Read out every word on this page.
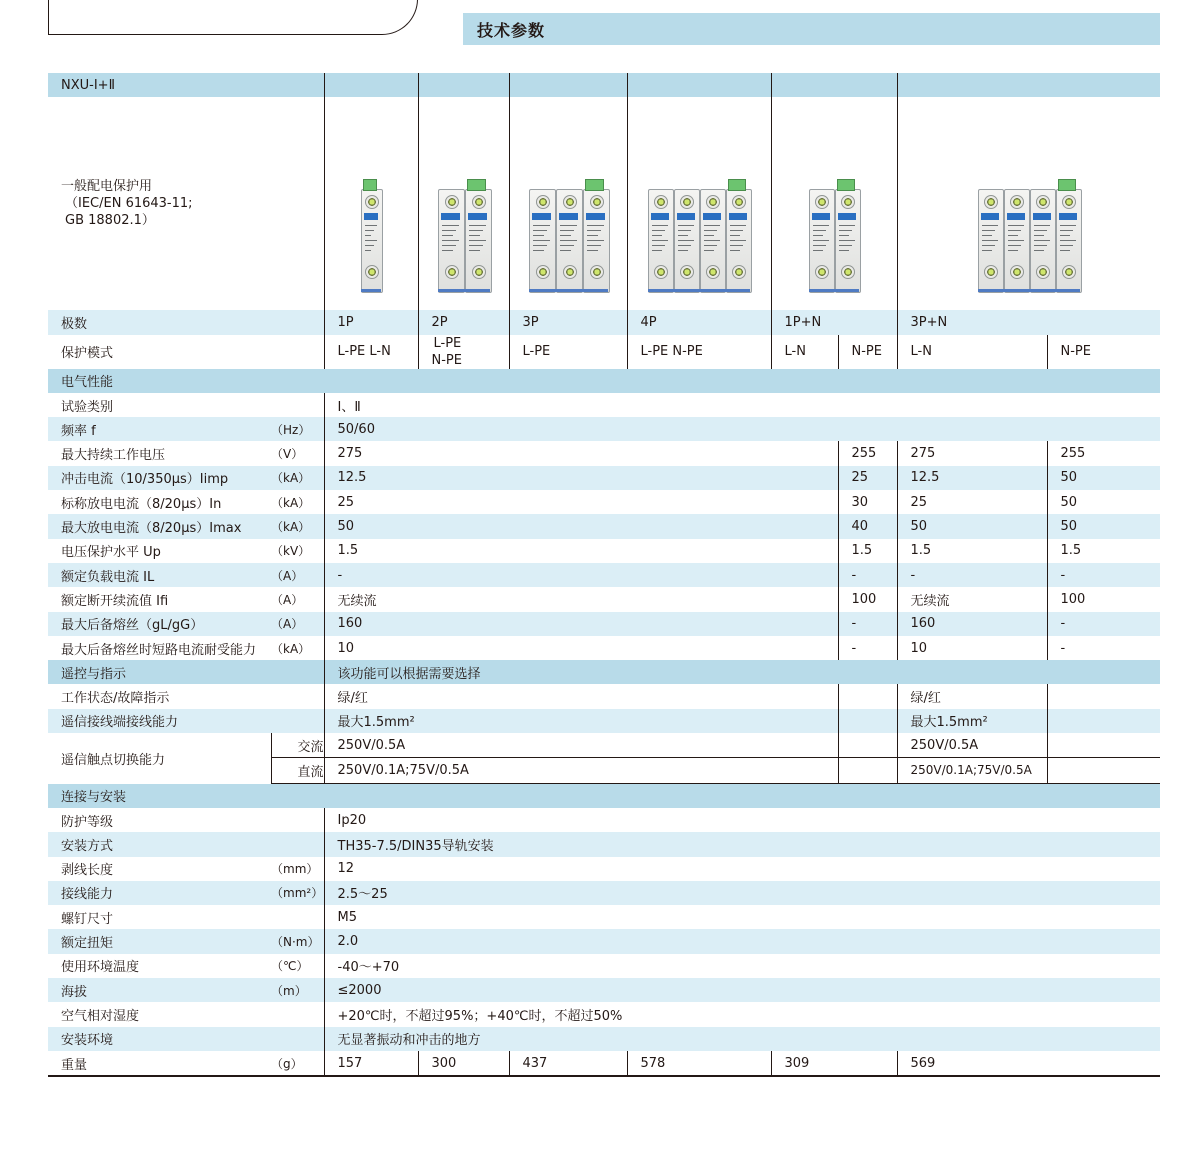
技术参数
NXU-Ⅰ+Ⅱ									

一般配电保护用
（IEC/EN 61643-11;
GB 18802.1）									

极数		1P	2P	3P	4P	1P+N		3P+N	
保护模式		L-PE L-N	L-PE
N-PE	L-PE	L-PE N-PE	L-N	N-PE	L-N	N-PE
电气性能									
试验类别		Ⅰ、Ⅱ							
频率 f	（Hz）	50/60							
最大持续工作电压	（V）	275					255	275	255
冲击电流（10/350μs）Iimp	（kA）	12.5					25	12.5	50
标称放电电流（8/20μs）In	（kA）	25					30	25	50
最大放电电流（8/20μs）Imax	（kA）	50					40	50	50
电压保护水平 Up	（kV）	1.5					1.5	1.5	1.5
额定负载电流 IL	（A）	-					-	-	-
额定断开续流值 Ifi	（A）	无续流					100	无续流	100
最大后备熔丝（gL/gG）	（A）	160					-	160	-
最大后备熔丝时短路电流耐受能力	（kA）	10					-	10	-
遥控与指示		该功能可以根据需要选择							
工作状态/故障指示		绿/红						绿/红	
遥信接线端接线能力		最大1.5mm²						最大1.5mm²	
遥信触点切换能力	交流	250V/0.5A						250V/0.5A	
	直流	250V/0.1A;75V/0.5A						250V/0.1A;75V/0.5A	
连接与安装									
防护等级		Ip20							
安装方式		TH35-7.5/DIN35导轨安装							
剥线长度	（mm）	12							
接线能力	（mm²）	2.5～25							
螺钉尺寸		M5							
额定扭矩	（N·m）	2.0							
使用环境温度	（℃）	-40～+70							
海拔	（m）	≤2000							
空气相对湿度		+20℃时，不超过95%；+40℃时，不超过50%							
安装环境		无显著振动和冲击的地方							
重量	（g）	157	300	437	578	309		569	
